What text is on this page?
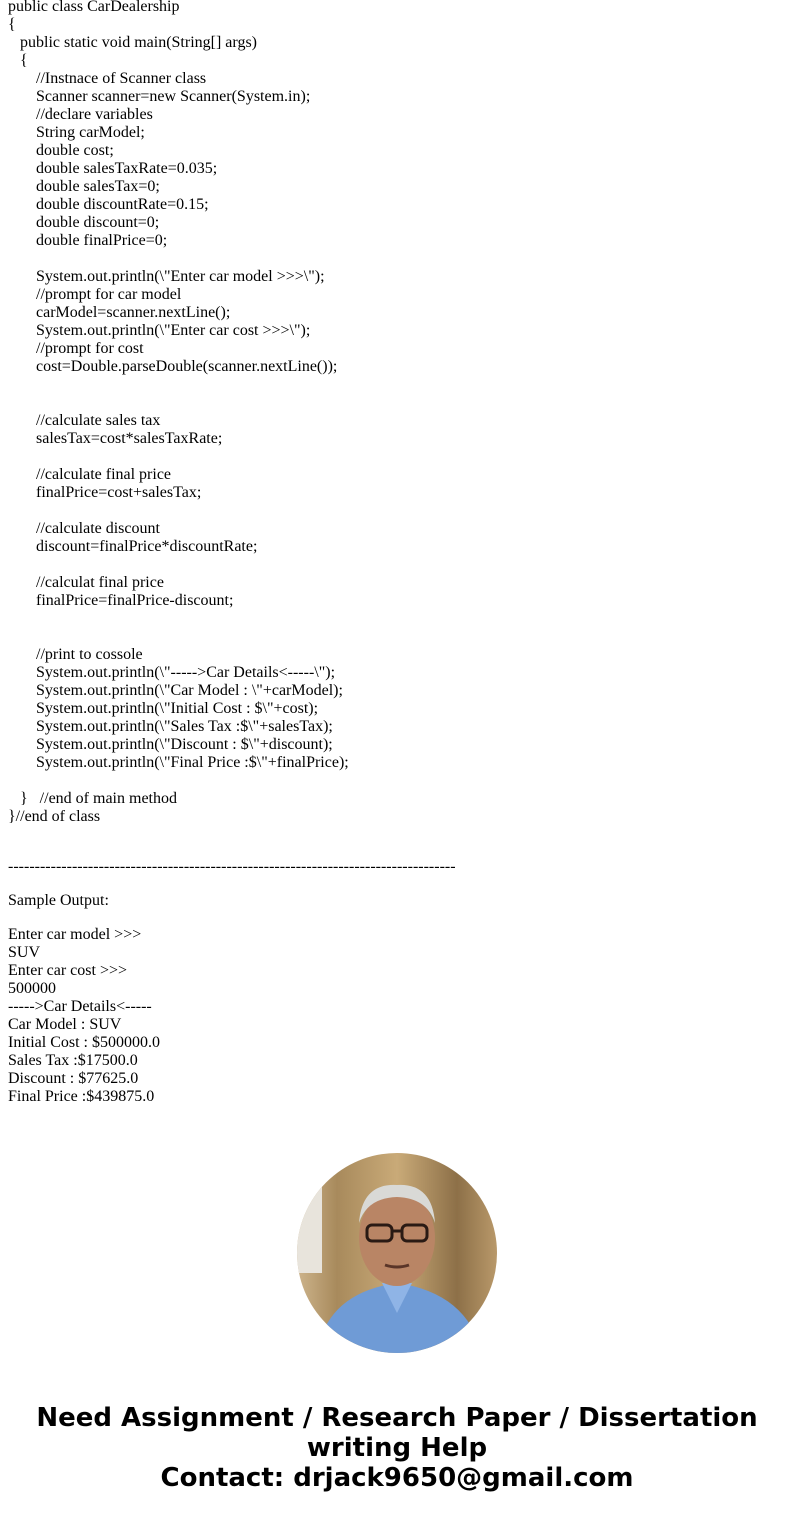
public class CarDealership
{
public static void main(String[] args)
{
//Instnace of Scanner class
Scanner scanner=new Scanner(System.in);
//declare variables
String carModel;
double cost;
double salesTaxRate=0.035;
double salesTax=0;
double discountRate=0.15;
double discount=0;
double finalPrice=0;
System.out.println(\"Enter car model >>>\");
//prompt for car model
carModel=scanner.nextLine();
System.out.println(\"Enter car cost >>>\");
//prompt for cost
cost=Double.parseDouble(scanner.nextLine());
//calculate sales tax
salesTax=cost*salesTaxRate;
//calculate final price
finalPrice=cost+salesTax;
//calculate discount
discount=finalPrice*discountRate;
//calculat final price
finalPrice=finalPrice-discount;
//print to cossole
System.out.println(\"----->Car Details<-----\");
System.out.println(\"Car Model : \"+carModel);
System.out.println(\"Initial Cost : $\"+cost);
System.out.println(\"Sales Tax :$\"+salesTax);
System.out.println(\"Discount : $\"+discount);
System.out.println(\"Final Price :$\"+finalPrice);
}   //end of main method
}//end of class
------------------------------------------------------------------------------------
Sample Output:
Enter car model >>>
SUV
Enter car cost >>>
500000
----->Car Details<-----
Car Model : SUV
Initial Cost : $500000.0
Sales Tax :$17500.0
Discount : $77625.0
Final Price :$439875.0
Need Assignment / Research Paper / Dissertation
writing Help
Contact: drjack9650@gmail.com
